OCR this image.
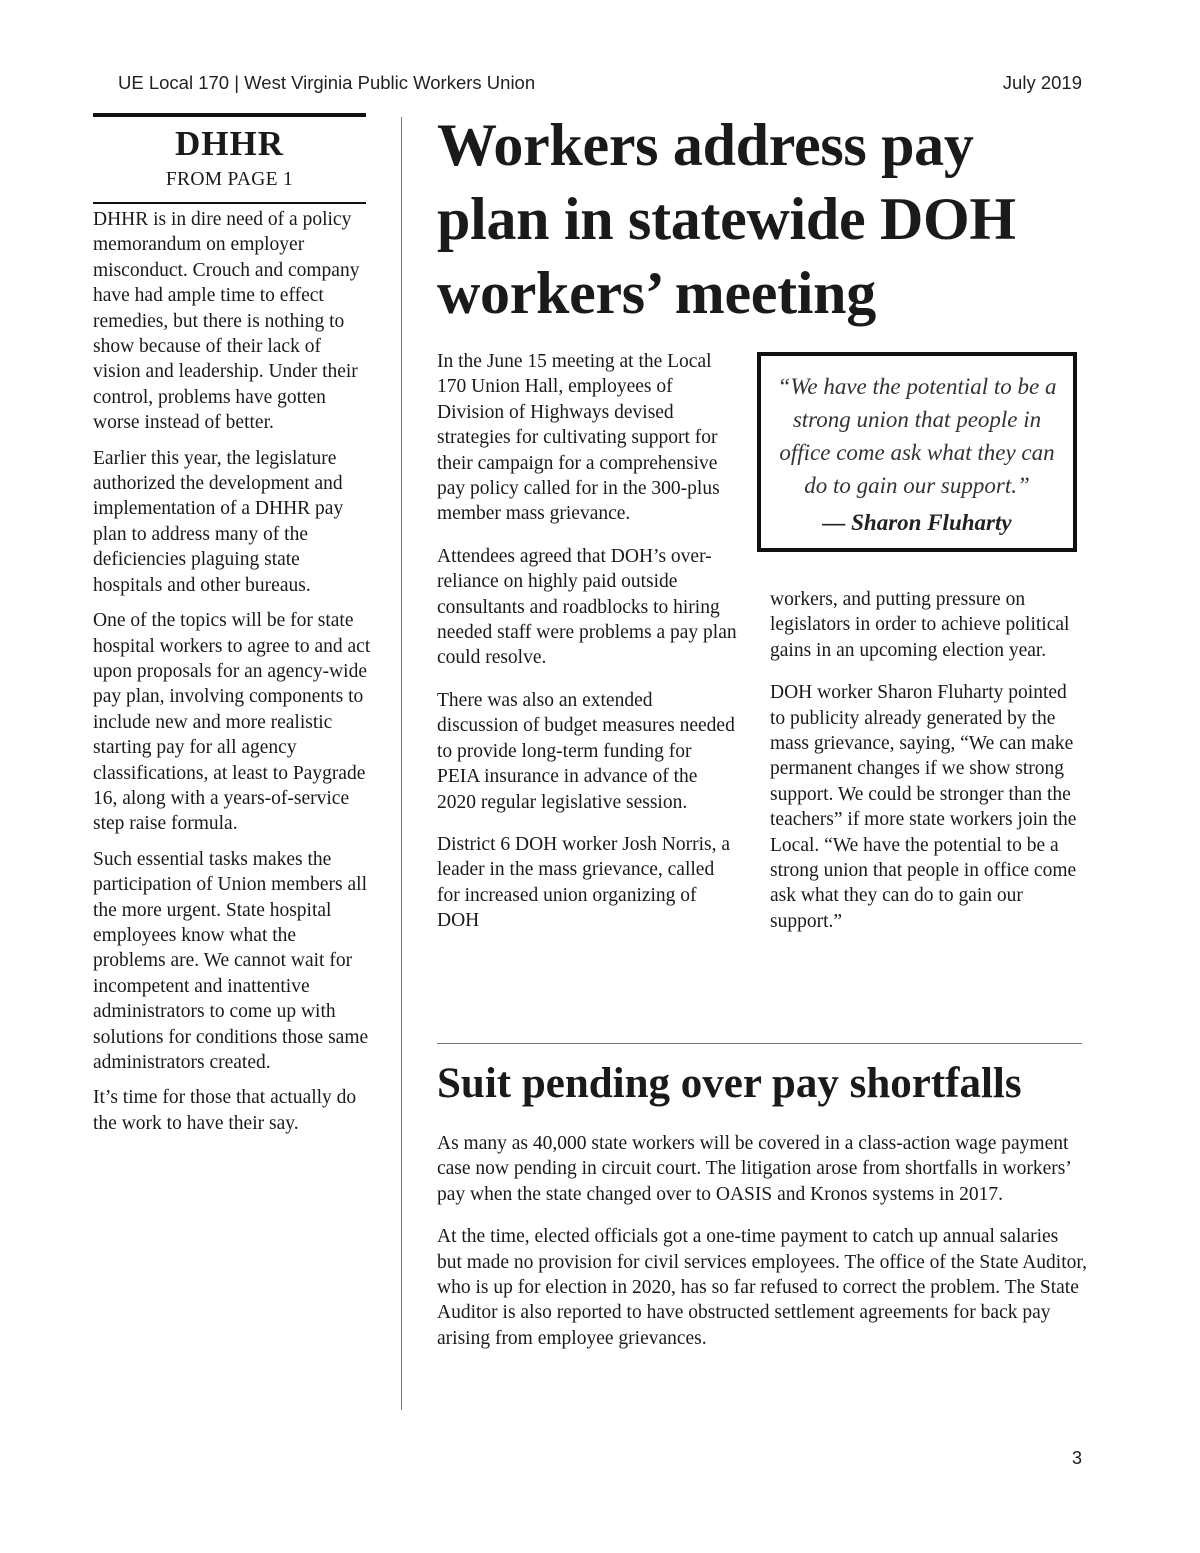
UE Local 170 | West Virginia Public Workers Union	July 2019
DHHR
FROM PAGE 1

DHHR is in dire need of a policy memorandum on employer misconduct. Crouch and company have had ample time to effect remedies, but there is nothing to show because of their lack of vision and leadership. Under their control, problems have gotten worse instead of better.

Earlier this year, the legislature authorized the development and implementation of a DHHR pay plan to address many of the deficiencies plaguing state hospitals and other bureaus.

One of the topics will be for state hospital workers to agree to and act upon proposals for an agency-wide pay plan, involving components to include new and more realistic starting pay for all agency classifications, at least to Paygrade 16, along with a years-of-service step raise formula.

Such essential tasks makes the participation of Union members all the more urgent. State hospital employees know what the problems are. We cannot wait for incompetent and inattentive administrators to come up with solutions for conditions those same administrators created.

It’s time for those that actually do the work to have their say.

Workers address pay plan in statewide DOH workers’ meeting

In the June 15 meeting at the Local 170 Union Hall, employees of Division of Highways devised strategies for cultivating support for their campaign for a comprehensive pay policy called for in the 300-plus member mass grievance.

Attendees agreed that DOH’s over-reliance on highly paid outside consultants and roadblocks to hiring needed staff were problems a pay plan could resolve.

There was also an extended discussion of budget measures needed to provide long-term funding for PEIA insurance in advance of the 2020 regular legislative session.

District 6 DOH worker Josh Norris, a leader in the mass grievance, called for increased union organizing of DOH

“We have the potential to be a strong union that people in office come ask what they can do to gain our support.”
— Sharon Fluharty

workers, and putting pressure on legislators in order to achieve political gains in an upcoming election year.

DOH worker Sharon Fluharty pointed to publicity already generated by the mass grievance, saying, “We can make permanent changes if we show strong support. We could be stronger than the teachers” if more state workers join the Local. “We have the potential to be a strong union that people in office come ask what they can do to gain our support.”

Suit pending over pay shortfalls

As many as 40,000 state workers will be covered in a class-action wage payment case now pending in circuit court. The litigation arose from shortfalls in workers’ pay when the state changed over to OASIS and Kronos systems in 2017.

At the time, elected officials got a one-time payment to catch up annual salaries but made no provision for civil services employees. The office of the State Auditor, who is up for election in 2020, has so far refused to correct the problem. The State Auditor is also reported to have obstructed settlement agreements for back pay arising from employee grievances.

3
